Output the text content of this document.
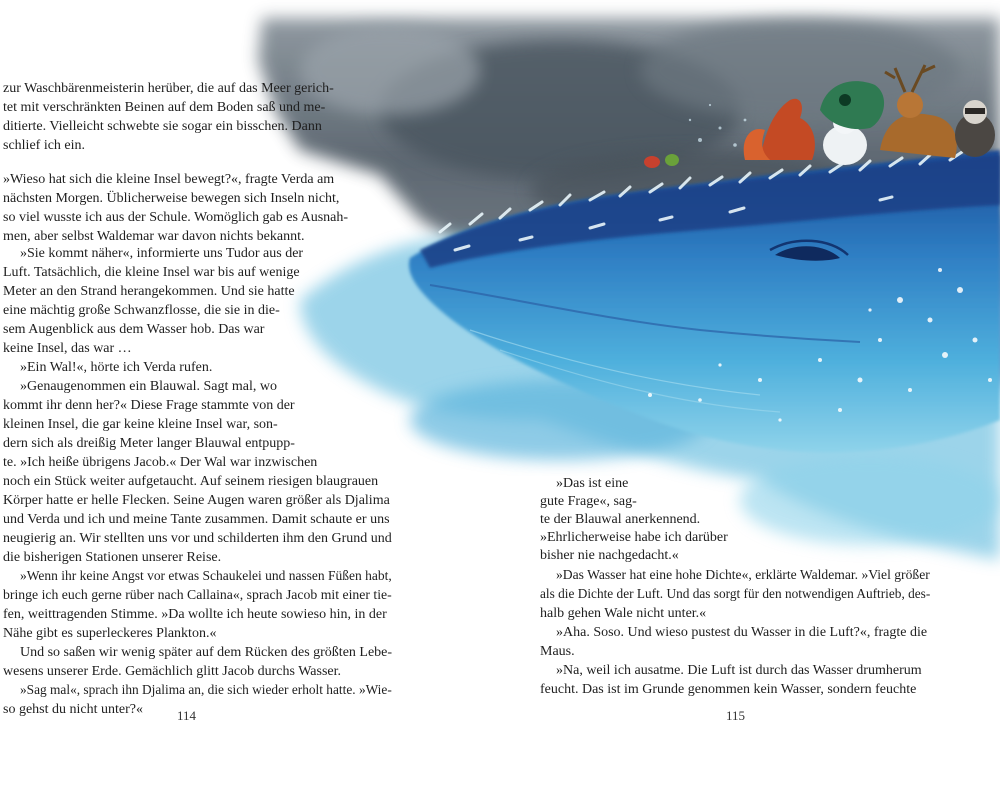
zur Waschbärenmeisterin herüber, die auf das Meer gerich-
tet mit verschränkten Beinen auf dem Boden saß und me-
ditierte. Vielleicht schwebte sie sogar ein bisschen. Dann
schlief ich ein.
»Wieso hat sich die kleine Insel bewegt?«, fragte Verda am
nächsten Morgen. Üblicherweise bewegen sich Inseln nicht,
so viel wusste ich aus der Schule. Womöglich gab es Ausnah-
men, aber selbst Waldemar war davon nichts bekannt.
»Sie kommt näher«, informierte uns Tudor aus der
Luft. Tatsächlich, die kleine Insel war bis auf wenige
Meter an den Strand herangekommen. Und sie hatte
eine mächtig große Schwanzflosse, die sie in die-
sem Augenblick aus dem Wasser hob. Das war
keine Insel, das war …
»Ein Wal!«, hörte ich Verda rufen.
»Genaugenommen ein Blauwal. Sagt mal, wo
kommt ihr denn her?« Diese Frage stammte von der
kleinen Insel, die gar keine kleine Insel war, son-
dern sich als dreißig Meter langer Blauwal entpupp-
te. »Ich heiße übrigens Jacob.« Der Wal war inzwischen
noch ein Stück weiter aufgetaucht. Auf seinem riesigen blaugrauen
Körper hatte er helle Flecken. Seine Augen waren größer als Djalima
und Verda und ich und meine Tante zusammen. Damit schaute er uns
neugierig an. Wir stellten uns vor und schilderten ihm den Grund und
die bisherigen Stationen unserer Reise.
»Wenn ihr keine Angst vor etwas Schaukelei und nassen Füßen habt,
bringe ich euch gerne rüber nach Callaina«, sprach Jacob mit einer tie-
fen, weittragenden Stimme. »Da wollte ich heute sowieso hin, in der
Nähe gibt es superleckeres Plankton.«
Und so saßen wir wenig später auf dem Rücken des größten Lebe-
wesens unserer Erde. Gemächlich glitt Jacob durchs Wasser.
»Sag mal«, sprach ihn Djalima an, die sich wieder erholt hatte. »Wie-
so gehst du nicht unter?«
»Das ist eine
gute Frage«, sag-
te der Blauwal anerkennend.
»Ehrlicherweise habe ich darüber
bisher nie nachgedacht.«
»Das Wasser hat eine hohe Dichte«, erklärte Waldemar. »Viel größer
als die Dichte der Luft. Und das sorgt für den notwendigen Auftrieb, des-
halb gehen Wale nicht unter.«
»Aha. Soso. Und wieso pustest du Wasser in die Luft?«, fragte die
Maus.
»Na, weil ich ausatme. Die Luft ist durch das Wasser drumherum
feucht. Das ist im Grunde genommen kein Wasser, sondern feuchte
114	115
